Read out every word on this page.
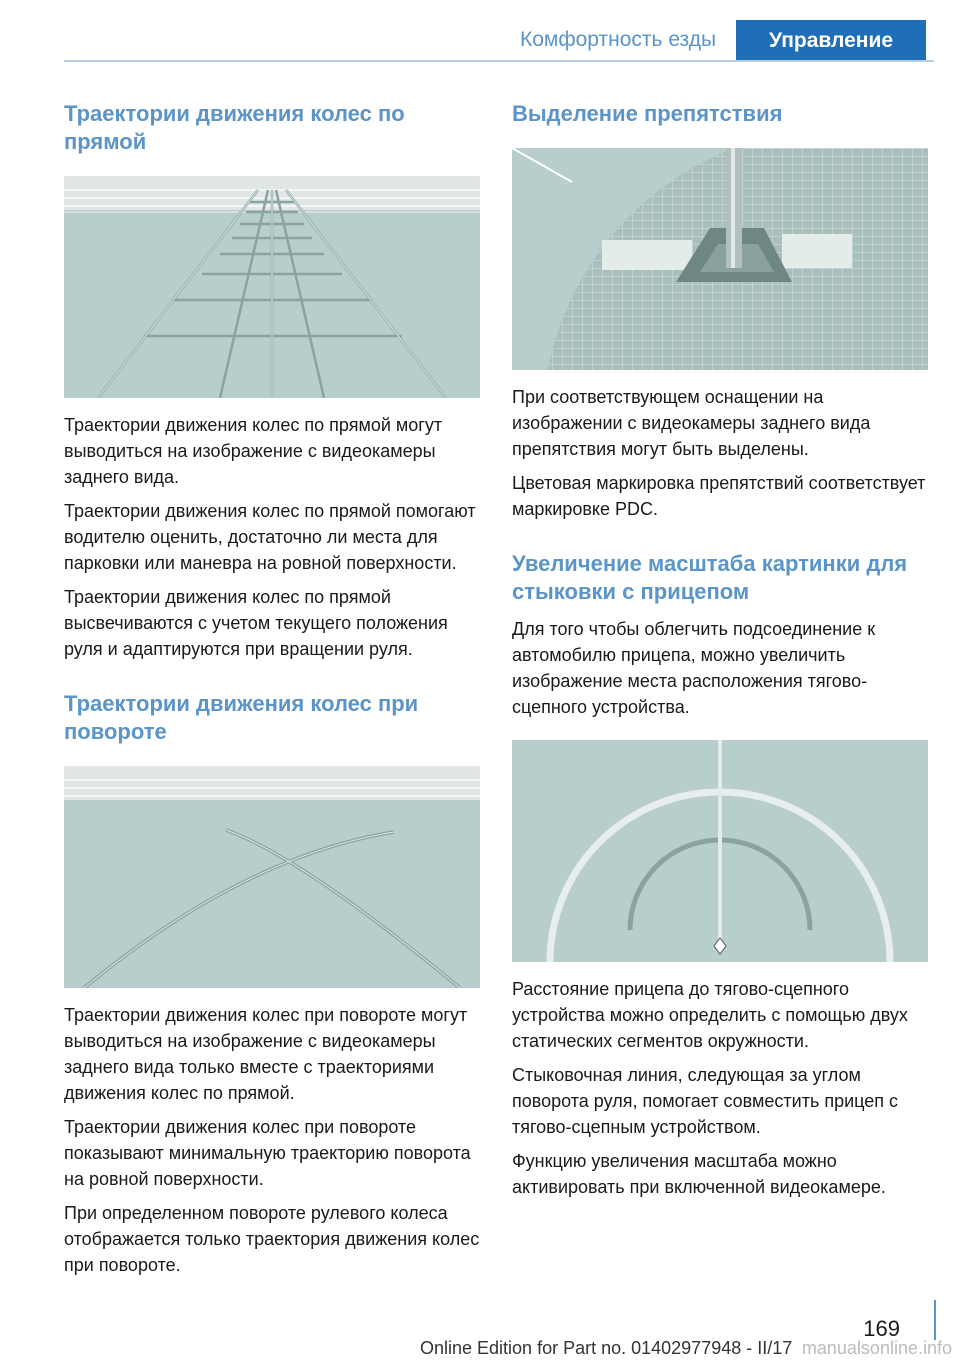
Комфортность езды	Управление
Траектории движения колес по прямой

Траектории движения колес по прямой могут выводиться на изображение с видеокамеры заднего вида.

Траектории движения колес по прямой помогают водителю оценить, достаточно ли места для парковки или маневра на ровной поверхности.

Траектории движения колес по прямой высвечиваются с учетом текущего положения руля и адаптируются при вращении руля.

Траектории движения колес при повороте

Траектории движения колес при повороте могут выводиться на изображение с видеокамеры заднего вида только вместе с траекториями движения колес по прямой.

Траектории движения колес при повороте показывают минимальную траекторию поворота на ровной поверхности.

При определенном повороте рулевого колеса отображается только траектория движения колес при повороте.

Выделение препятствия

При соответствующем оснащении на изображении с видеокамеры заднего вида препятствия могут быть выделены.

Цветовая маркировка препятствий соответствует маркировке PDC.

Увеличение масштаба картинки для стыковки с прицепом

Для того чтобы облегчить подсоединение к автомобилю прицепа, можно увеличить изображение места расположения тягово-сцепного устройства.

Расстояние прицепа до тягово-сцепного устройства можно определить с помощью двух статических сегментов окружности.

Стыковочная линия, следующая за углом поворота руля, помогает совместить прицеп с тягово-сцепным устройством.

Функцию увеличения масштаба можно активировать при включенной видеокамере.

169
Online Edition for Part no. 01402977948 - II/17 manualsonline.info
